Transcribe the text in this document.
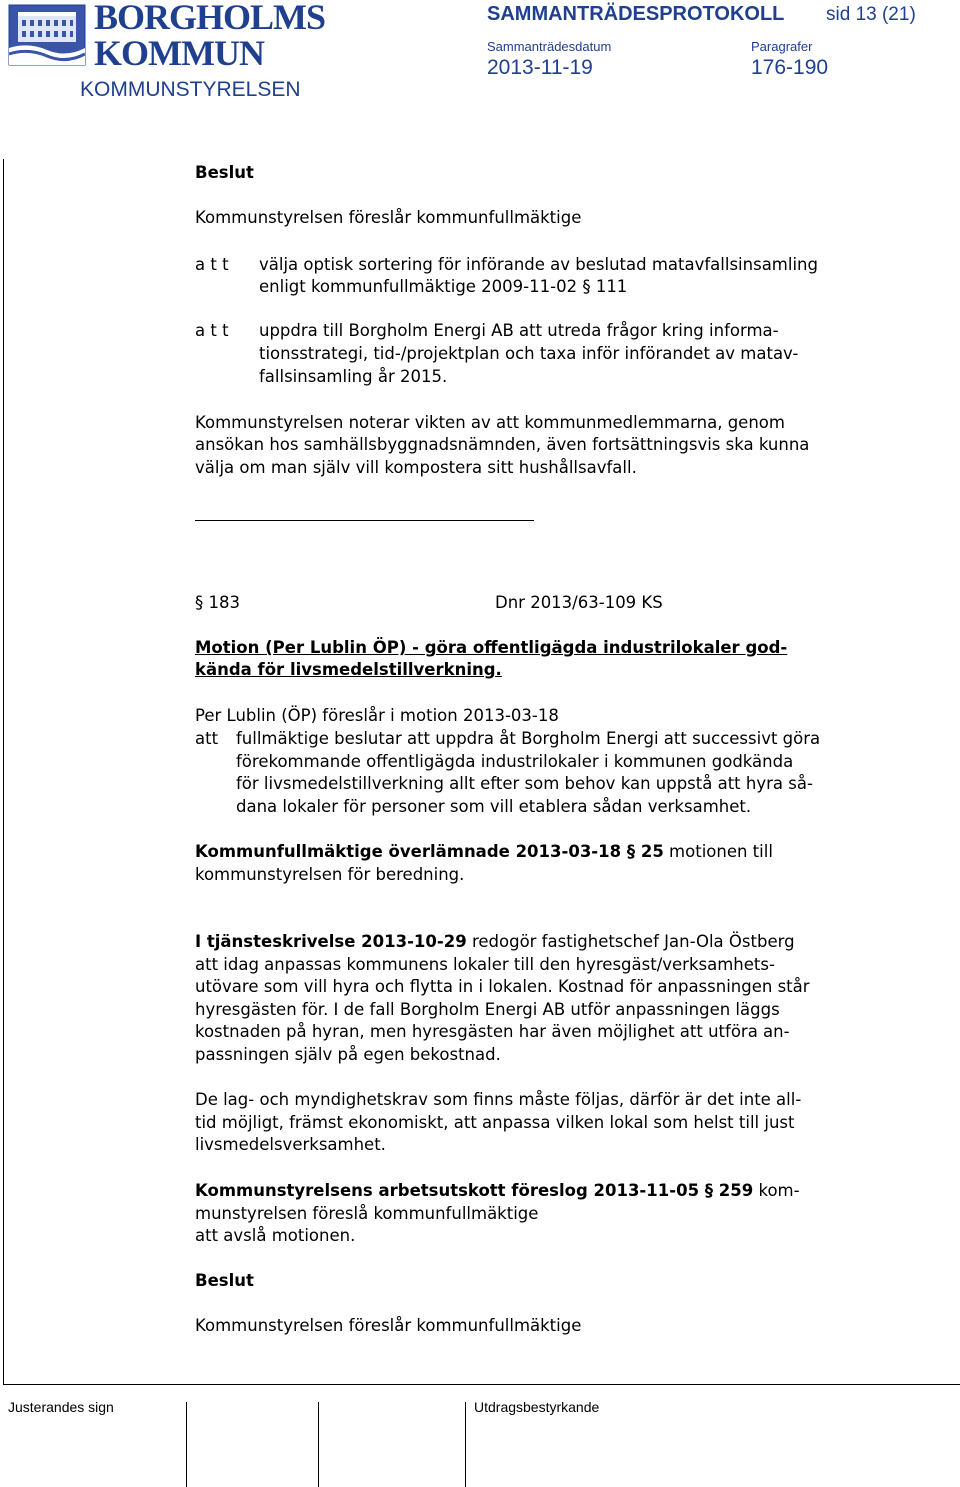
BORGHOLMS
KOMMUN
KOMMUNSTYRELSEN
SAMMANTRÄDESPROTOKOLL sid 13 (21)
Sammanträdesdatum	Paragrafer
2013-11-19	176-190
Beslut
Kommunstyrelsen föreslår kommunfullmäktige
a t t välja optisk sortering för införande av beslutad matavfallsinsamling
enligt kommunfullmäktige 2009-11-02 § 111
a t t uppdra till Borgholm Energi AB att utreda frågor kring informa-
tionsstrategi, tid-/projektplan och taxa inför införandet av matav-
fallsinsamling år 2015.
Kommunstyrelsen noterar vikten av att kommunmedlemmarna, genom
ansökan hos samhällsbyggnadsnämnden, även fortsättningsvis ska kunna
välja om man själv vill kompostera sitt hushållsavfall.
§ 183	Dnr 2013/63-109 KS
Motion (Per Lublin ÖP) - göra offentligägda industrilokaler god-
kända för livsmedelstillverkning.
Per Lublin (ÖP) föreslår i motion 2013-03-18
att fullmäktige beslutar att uppdra åt Borgholm Energi att successivt göra
förekommande offentligägda industrilokaler i kommunen godkända
för livsmedelstillverkning allt efter som behov kan uppstå att hyra så-
dana lokaler för personer som vill etablera sådan verksamhet.
Kommunfullmäktige överlämnade 2013-03-18 § 25 motionen till
kommunstyrelsen för beredning.
I tjänsteskrivelse 2013-10-29 redogör fastighetschef Jan-Ola Östberg
att idag anpassas kommunens lokaler till den hyresgäst/verksamhets-
utövare som vill hyra och flytta in i lokalen. Kostnad för anpassningen står
hyresgästen för. I de fall Borgholm Energi AB utför anpassningen läggs
kostnaden på hyran, men hyresgästen har även möjlighet att utföra an-
passningen själv på egen bekostnad.
De lag- och myndighetskrav som finns måste följas, därför är det inte all-
tid möjligt, främst ekonomiskt, att anpassa vilken lokal som helst till just
livsmedelsverksamhet.
Kommunstyrelsens arbetsutskott föreslog 2013-11-05 § 259 kom-
munstyrelsen föreslå kommunfullmäktige
att avslå motionen.
Beslut
Kommunstyrelsen föreslår kommunfullmäktige
Justerandes sign	Utdragsbestyrkande
